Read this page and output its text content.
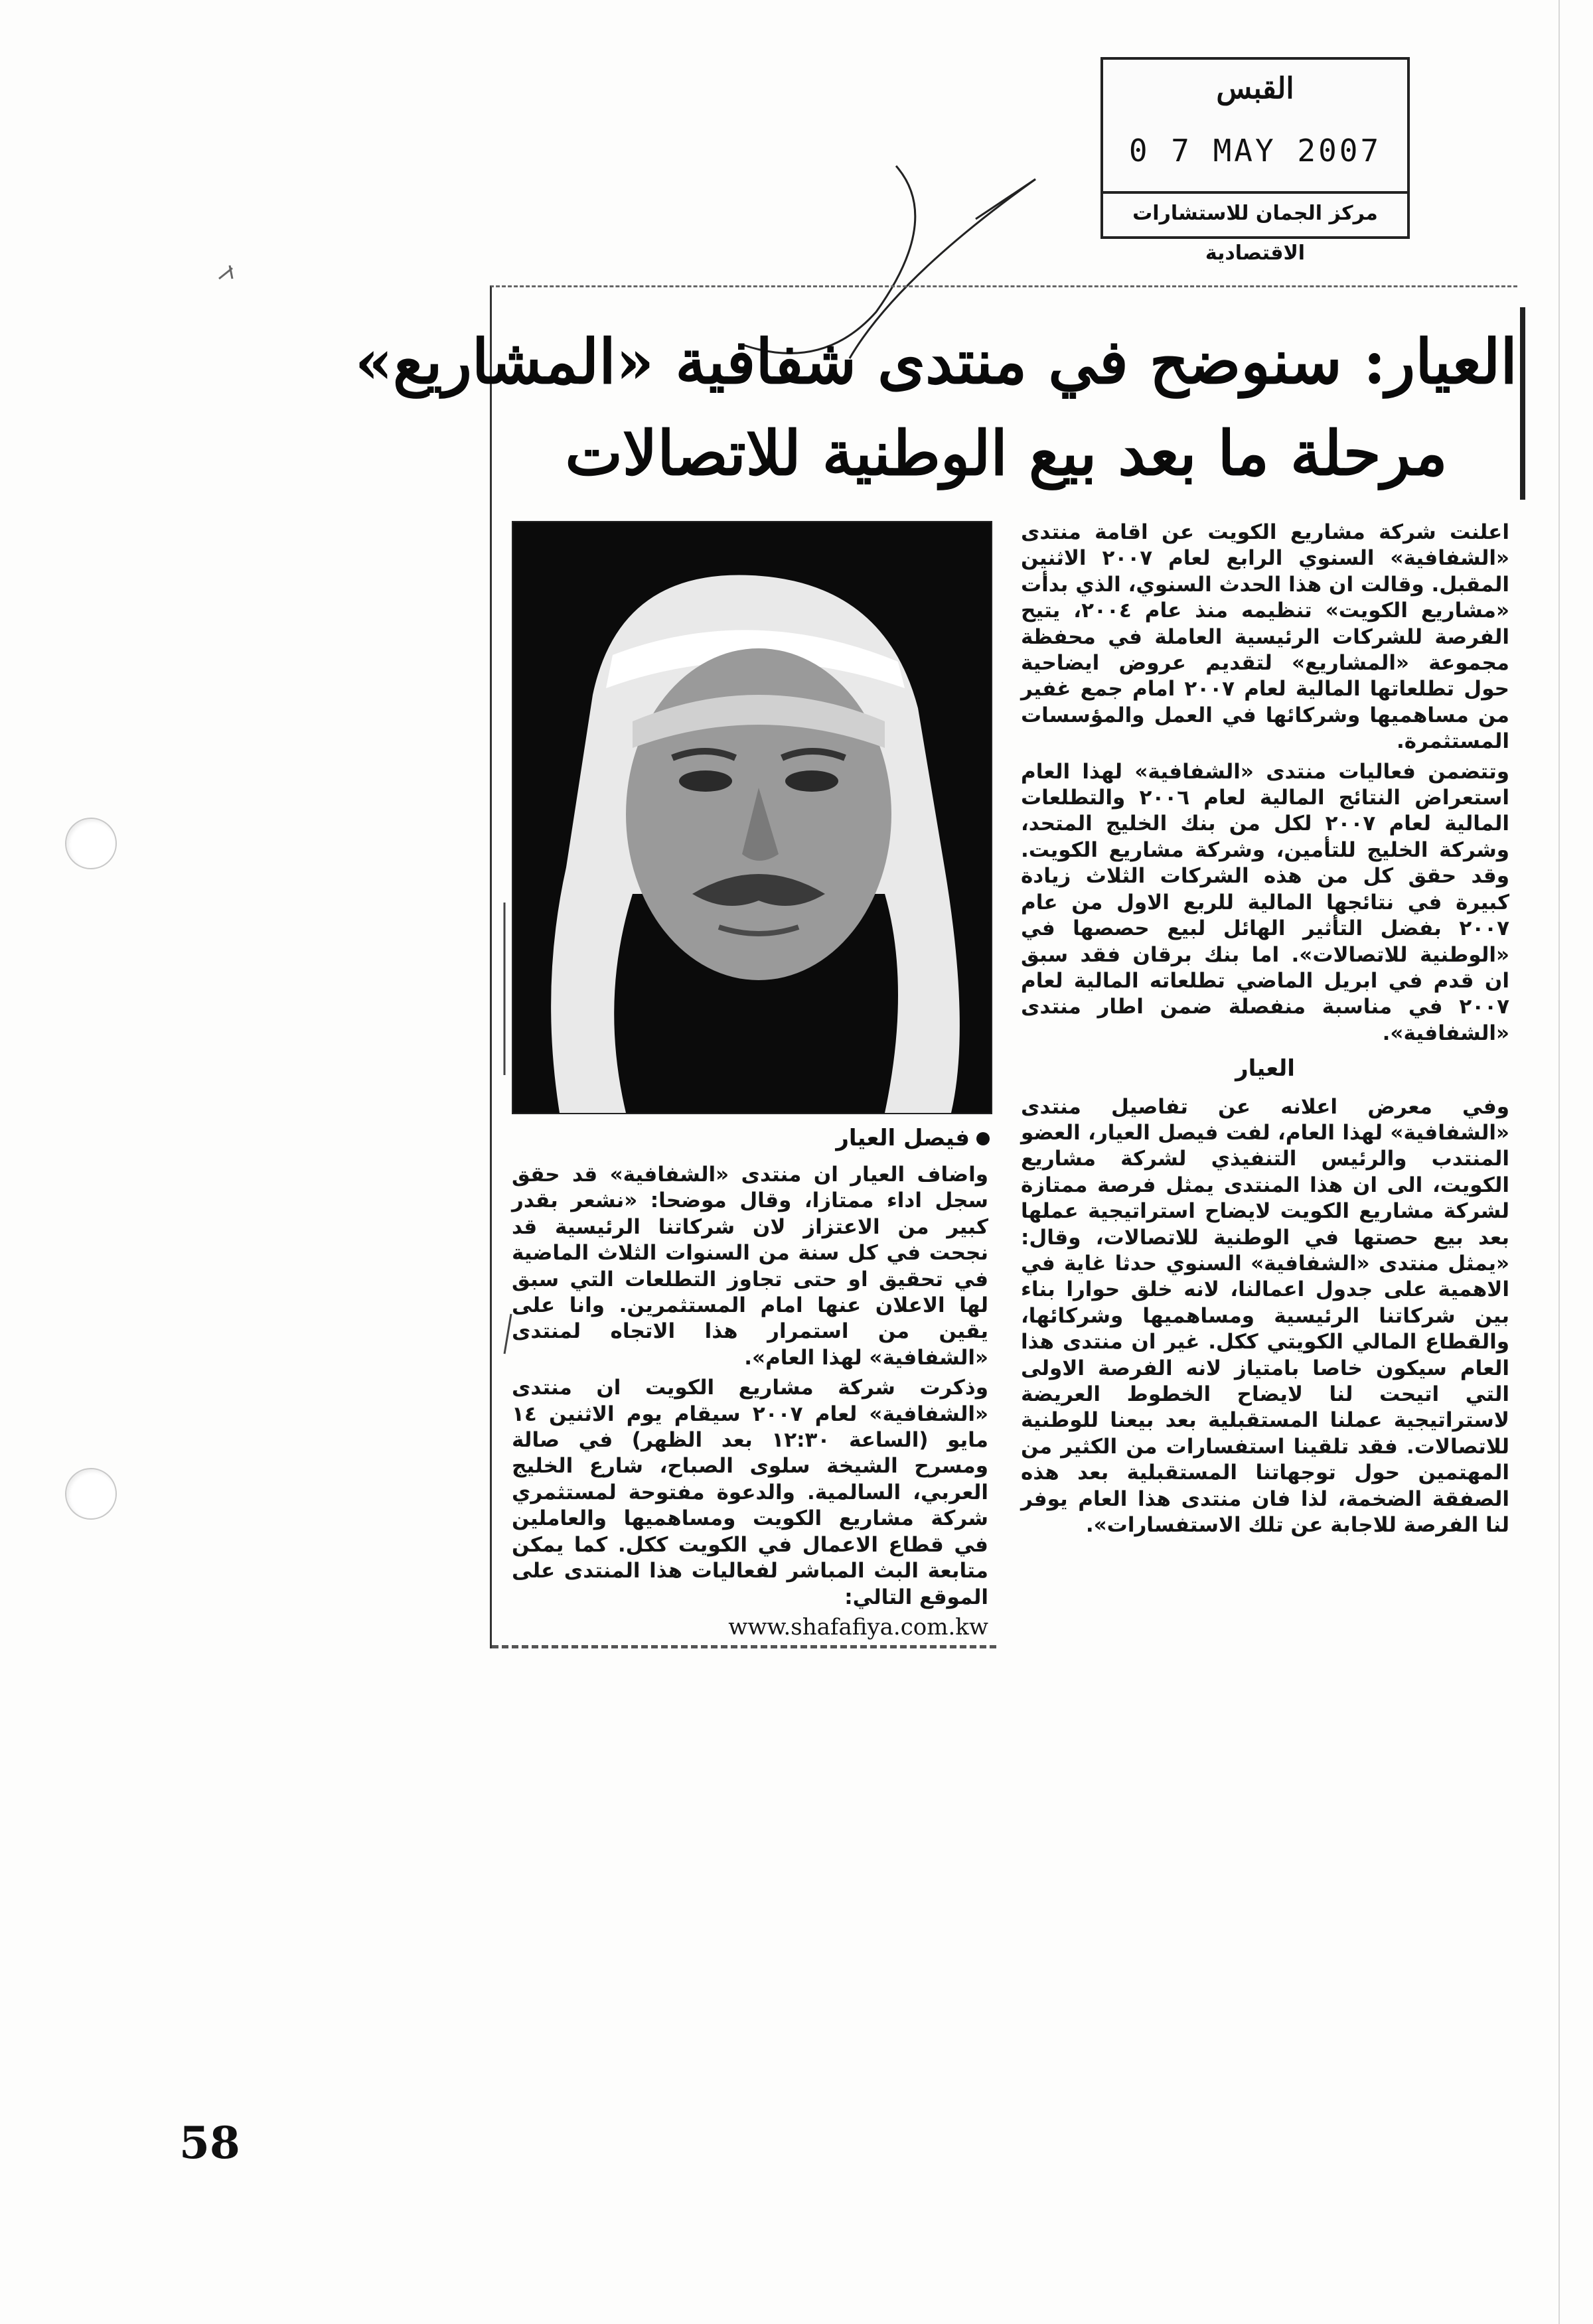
القبس
0 7 MAY 2007
مركز الجمان للاستشارات الاقتصادية
العيار: سنوضح في منتدى شفافية «المشاريع»
مرحلة ما بعد بيع الوطنية للاتصالات
فيصل العيار

اعلنت شركة مشاريع الكويت عن اقامة منتدى «الشفافية» السنوي الرابع لعام ٢٠٠٧ الاثنين المقبل. وقالت ان هذا الحدث السنوي، الذي بدأت «مشاريع الكويت» تنظيمه منذ عام ٢٠٠٤، يتيح الفرصة للشركات الرئيسية العاملة في محفظة مجموعة «المشاريع» لتقديم عروض ايضاحية حول تطلعاتها المالية لعام ٢٠٠٧ امام جمع غفير من مساهميها وشركائها في العمل والمؤسسات المستثمرة.

وتتضمن فعاليات منتدى «الشفافية» لهذا العام استعراض النتائج المالية لعام ٢٠٠٦ والتطلعات المالية لعام ٢٠٠٧ لكل من بنك الخليج المتحد، وشركة الخليج للتأمين، وشركة مشاريع الكويت. وقد حقق كل من هذه الشركات الثلاث زيادة كبيرة في نتائجها المالية للربع الاول من عام ٢٠٠٧ بفضل التأثير الهائل لبيع حصصها في «الوطنية للاتصالات». اما بنك برقان فقد سبق ان قدم في ابريل الماضي تطلعاته المالية لعام ٢٠٠٧ في مناسبة منفصلة ضمن اطار منتدى «الشفافية».

العيار

وفي معرض اعلانه عن تفاصيل منتدى «الشفافية» لهذا العام، لفت فيصل العيار، العضو المنتدب والرئيس التنفيذي لشركة مشاريع الكويت، الى ان هذا المنتدى يمثل فرصة ممتازة لشركة مشاريع الكويت لايضاح استراتيجية عملها بعد بيع حصتها في الوطنية للاتصالات، وقال: «يمثل منتدى «الشفافية» السنوي حدثا غاية في الاهمية على جدول اعمالنا، لانه خلق حوارا بناء بين شركاتنا الرئيسية ومساهميها وشركائها، والقطاع المالي الكويتي ككل. غير ان منتدى هذا العام سيكون خاصا بامتياز لانه الفرصة الاولى التي اتيحت لنا لايضاح الخطوط العريضة لاستراتيجية عملنا المستقبلية بعد بيعنا للوطنية للاتصالات. فقد تلقينا استفسارات من الكثير من المهتمين حول توجهاتنا المستقبلية بعد هذه الصفقة الضخمة، لذا فان منتدى هذا العام يوفر لنا الفرصة للاجابة عن تلك الاستفسارات».

واضاف العيار ان منتدى «الشفافية» قد حقق سجل اداء ممتازا، وقال موضحا: «نشعر بقدر كبير من الاعتزاز لان شركاتنا الرئيسية قد نجحت في كل سنة من السنوات الثلاث الماضية في تحقيق او حتى تجاوز التطلعات التي سبق لها الاعلان عنها امام المستثمرين. وانا على يقين من استمرار هذا الاتجاه لمنتدى «الشفافية» لهذا العام».

وذكرت شركة مشاريع الكويت ان منتدى «الشفافية» لعام ٢٠٠٧ سيقام يوم الاثنين ١٤ مايو (الساعة ١٢:٣٠ بعد الظهر) في صالة ومسرح الشيخة سلوى الصباح، شارع الخليج العربي، السالمية. والدعوة مفتوحة لمستثمري شركة مشاريع الكويت ومساهميها والعاملين في قطاع الاعمال في الكويت ككل. كما يمكن متابعة البث المباشر لفعاليات هذا المنتدى على الموقع التالي:

www.shafafiya.com.kw
58
